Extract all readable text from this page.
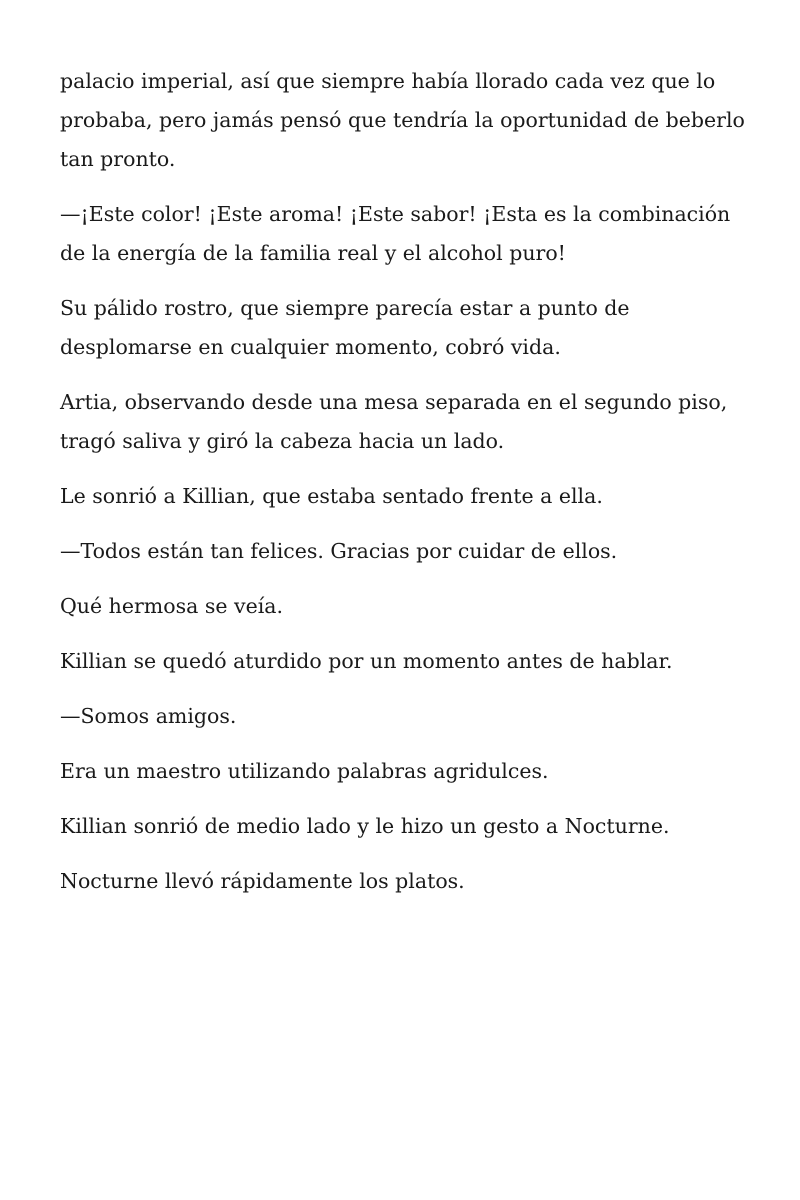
palacio imperial, así que siempre había llorado cada vez que lo probaba, pero jamás pensó que tendría la oportunidad de beberlo tan pronto.

—¡Este color! ¡Este aroma! ¡Este sabor! ¡Esta es la combinación de la energía de la familia real y el alcohol puro!

Su pálido rostro, que siempre parecía estar a punto de desplomarse en cualquier momento, cobró vida.

Artia, observando desde una mesa separada en el segundo piso, tragó saliva y giró la cabeza hacia un lado.

Le sonrió a Killian, que estaba sentado frente a ella.

—Todos están tan felices. Gracias por cuidar de ellos.

Qué hermosa se veía.

Killian se quedó aturdido por un momento antes de hablar.

—Somos amigos.

Era un maestro utilizando palabras agridulces.

Killian sonrió de medio lado y le hizo un gesto a Nocturne.

Nocturne llevó rápidamente los platos.
